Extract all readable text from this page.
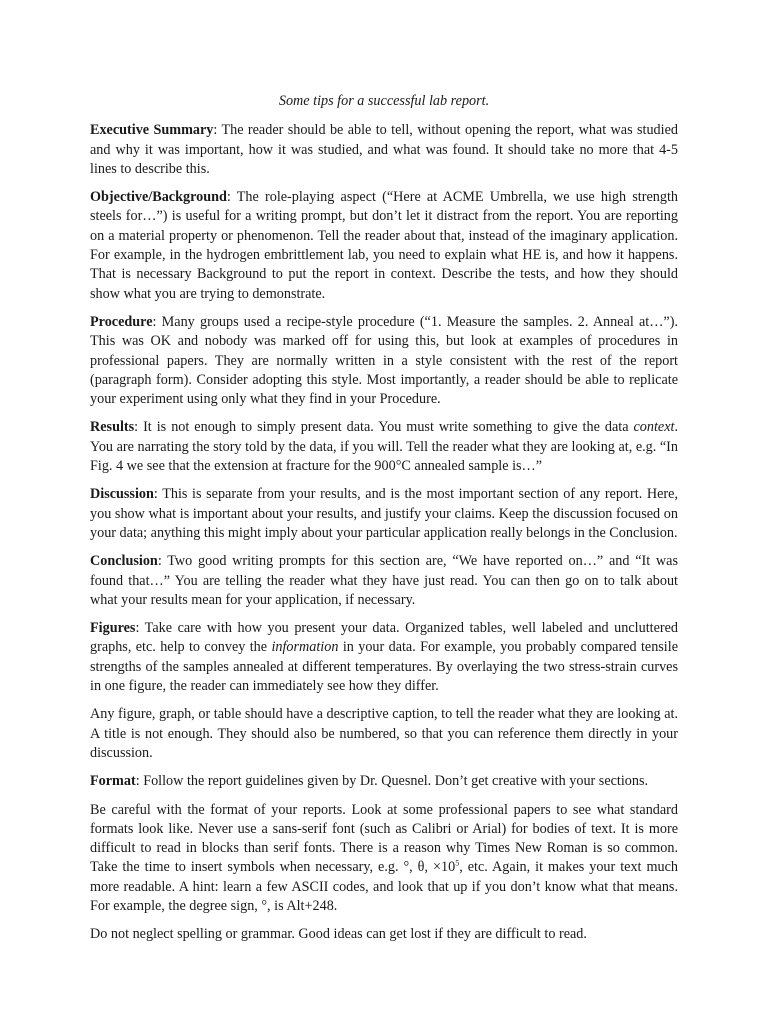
Some tips for a successful lab report.

Executive Summary: The reader should be able to tell, without opening the report, what was studied and why it was important, how it was studied, and what was found. It should take no more that 4-5 lines to describe this.

Objective/Background: The role-playing aspect (“Here at ACME Umbrella, we use high strength steels for…”) is useful for a writing prompt, but don’t let it distract from the report. You are reporting on a material property or phenomenon. Tell the reader about that, instead of the imaginary application. For example, in the hydrogen embrittlement lab, you need to explain what HE is, and how it happens. That is necessary Background to put the report in context. Describe the tests, and how they should show what you are trying to demonstrate.

Procedure: Many groups used a recipe-style procedure (“1. Measure the samples. 2. Anneal at…”). This was OK and nobody was marked off for using this, but look at examples of procedures in professional papers. They are normally written in a style consistent with the rest of the report (paragraph form). Consider adopting this style. Most importantly, a reader should be able to replicate your experiment using only what they find in your Procedure.

Results: It is not enough to simply present data. You must write something to give the data context. You are narrating the story told by the data, if you will. Tell the reader what they are looking at, e.g. “In Fig. 4 we see that the extension at fracture for the 900°C annealed sample is…”

Discussion: This is separate from your results, and is the most important section of any report. Here, you show what is important about your results, and justify your claims. Keep the discussion focused on your data; anything this might imply about your particular application really belongs in the Conclusion.

Conclusion: Two good writing prompts for this section are, “We have reported on…” and “It was found that…” You are telling the reader what they have just read. You can then go on to talk about what your results mean for your application, if necessary.

Figures: Take care with how you present your data. Organized tables, well labeled and uncluttered graphs, etc. help to convey the information in your data. For example, you probably compared tensile strengths of the samples annealed at different temperatures. By overlaying the two stress-strain curves in one figure, the reader can immediately see how they differ.

Any figure, graph, or table should have a descriptive caption, to tell the reader what they are looking at. A title is not enough. They should also be numbered, so that you can reference them directly in your discussion.

Format: Follow the report guidelines given by Dr. Quesnel. Don’t get creative with your sections.

Be careful with the format of your reports. Look at some professional papers to see what standard formats look like. Never use a sans-serif font (such as Calibri or Arial) for bodies of text. It is more difficult to read in blocks than serif fonts. There is a reason why Times New Roman is so common. Take the time to insert symbols when necessary, e.g. °, θ, $\times 10^5$, etc. Again, it makes your text much more readable. A hint: learn a few ASCII codes, and look that up if you don’t know what that means. For example, the degree sign, °, is Alt+248.

Do not neglect spelling or grammar. Good ideas can get lost if they are difficult to read.
